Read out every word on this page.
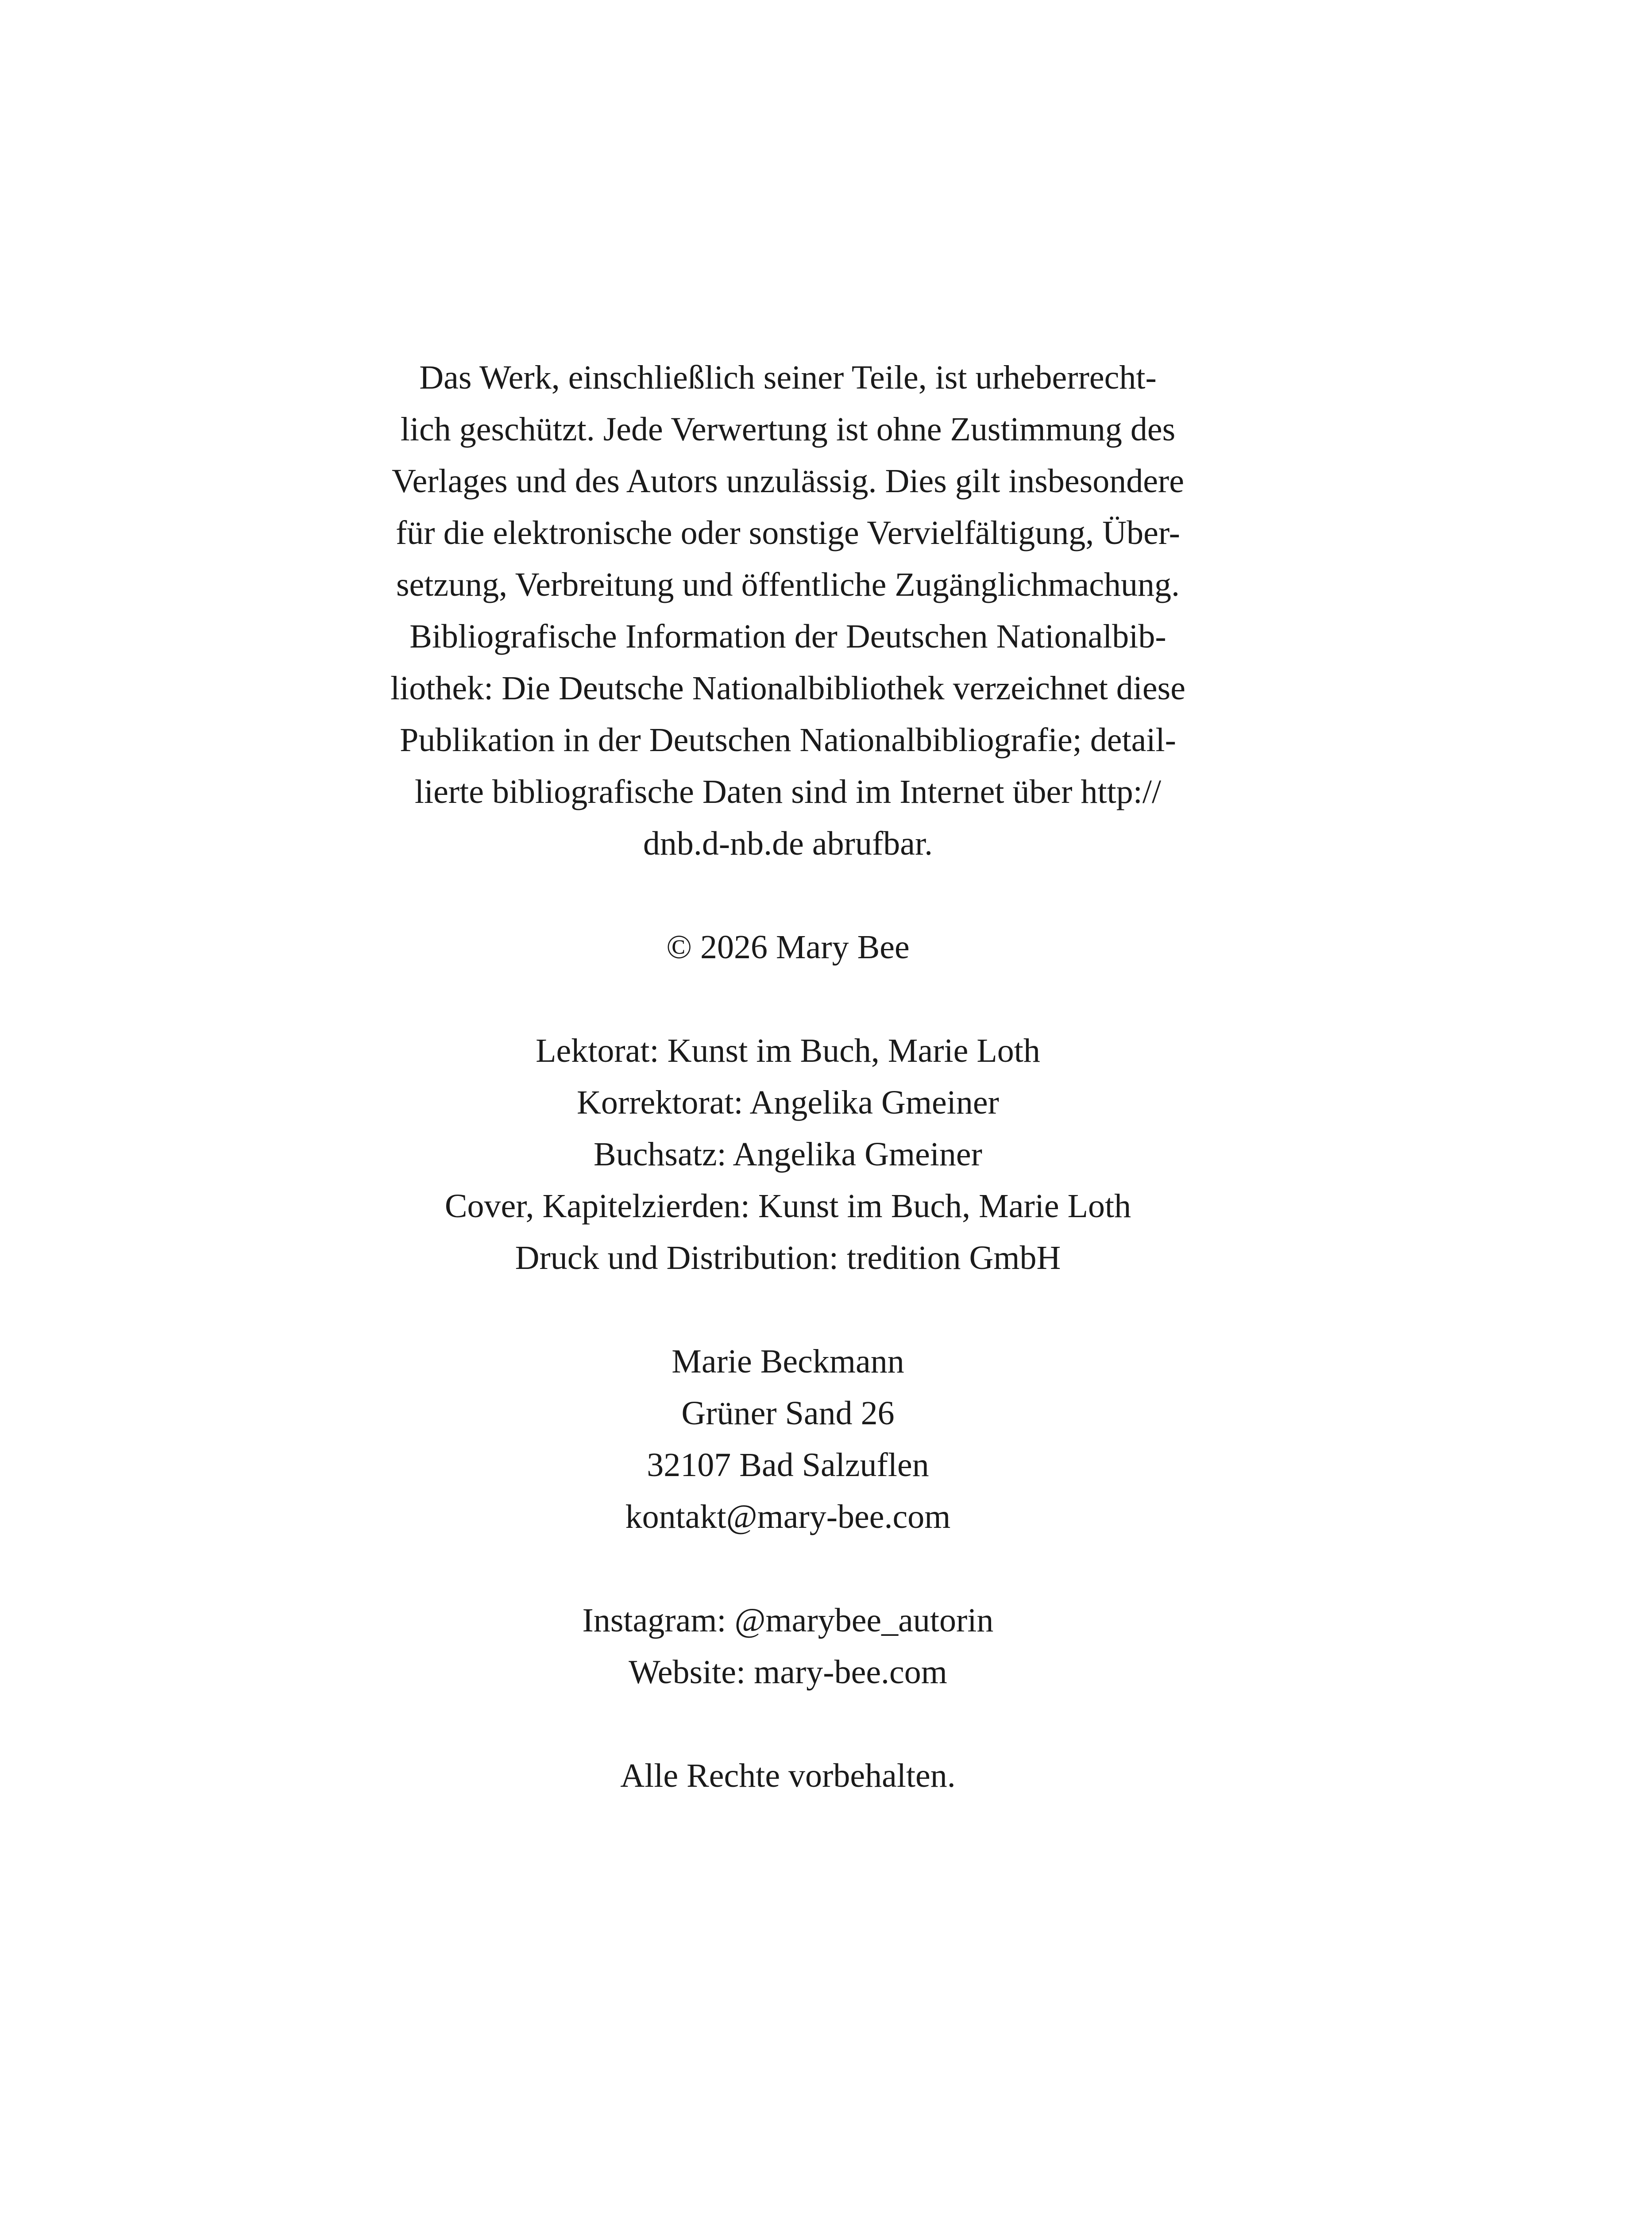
Das Werk, einschließlich seiner Teile, ist urheberrecht-
lich geschützt. Jede Verwertung ist ohne Zustimmung des
Verlages und des Autors unzulässig. Dies gilt insbesondere
für die elektronische oder sonstige Vervielfältigung, Über-
setzung, Verbreitung und öffentliche Zugänglichmachung.
Bibliografische Information der Deutschen Nationalbib-
liothek: Die Deutsche Nationalbibliothek verzeichnet diese
Publikation in der Deutschen Nationalbibliografie; detail-
lierte bibliografische Daten sind im Internet über http://
dnb.d-nb.de abrufbar.
© 2026 Mary Bee
Lektorat: Kunst im Buch, Marie Loth
Korrektorat: Angelika Gmeiner
Buchsatz: Angelika Gmeiner
Cover, Kapitelzierden: Kunst im Buch, Marie Loth
Druck und Distribution: tredition GmbH
Marie Beckmann
Grüner Sand 26
32107 Bad Salzuflen
kontakt@mary-bee.com
Instagram: @marybee_autorin
Website: mary-bee.com
Alle Rechte vorbehalten.
